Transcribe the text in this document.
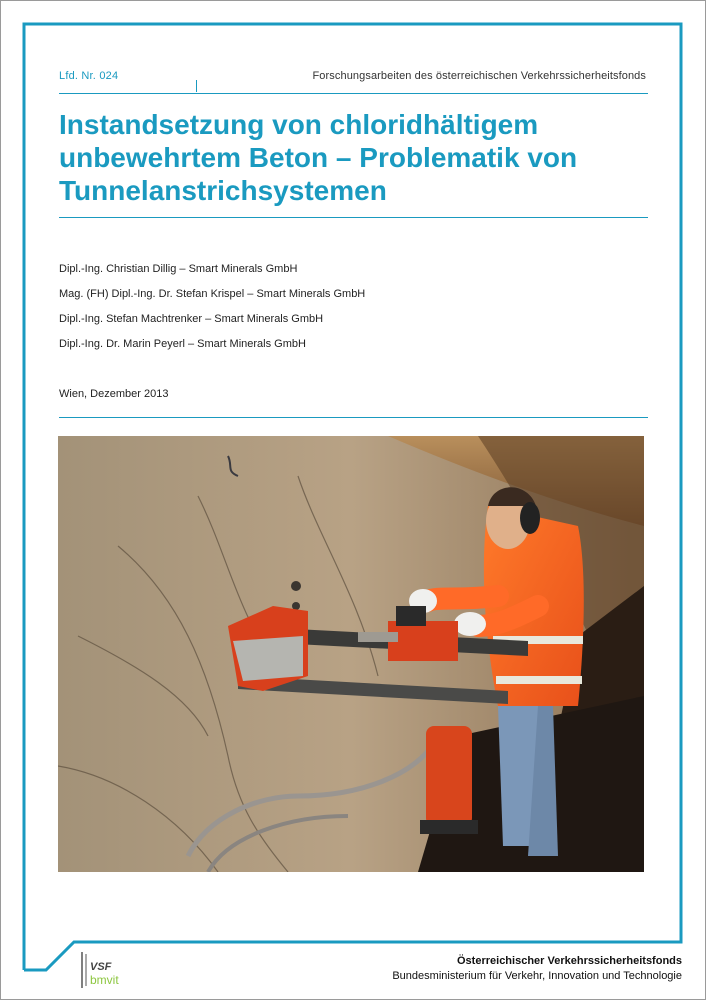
Lfd. Nr. 024	Forschungsarbeiten des österreichischen Verkehrssicherheitsfonds
Instandsetzung von chloridhältigem
unbewehrtem Beton – Problematik von
Tunnelanstrichsystemen
Dipl.-Ing. Christian Dillig – Smart Minerals GmbH
Mag. (FH) Dipl.-Ing. Dr. Stefan Krispel – Smart Minerals GmbH
Dipl.-Ing. Stefan Machtrenker – Smart Minerals GmbH
Dipl.-Ing. Dr. Marin Peyerl – Smart Minerals GmbH
Wien, Dezember 2013
VSF
bmvit
Österreichischer Verkehrssicherheitsfonds
Bundesministerium für Verkehr, Innovation und Technologie
